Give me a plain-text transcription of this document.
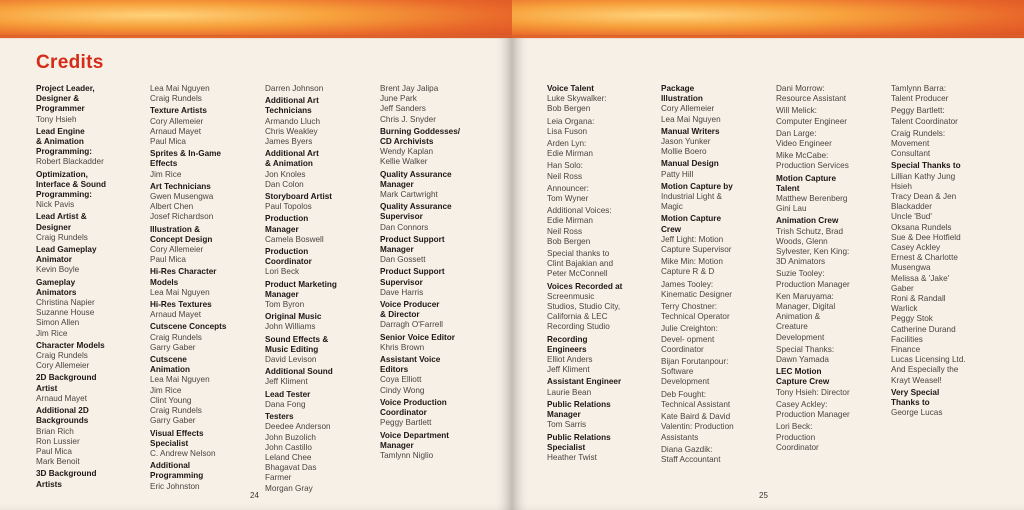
Credits
Project Leader,
Designer &
Programmer
Tony Hsieh
Lead Engine
& Animation
Programming:
Robert Blackadder
Optimization,
Interface & Sound
Programming:
Nick Pavis
Lead Artist &
Designer
Craig Rundels
Lead Gameplay
Animator
Kevin Boyle
Gameplay
Animators
Christina Napier
Suzanne House
Simon Allen
Jim Rice
Character Models
Craig Rundels
Cory Allemeier
2D Background
Artist
Arnaud Mayet
Additional 2D
Backgrounds
Brian Rich
Ron Lussier
Paul Mica
Mark Benoit
3D Background
Artists
Lea Mai Nguyen
Craig Rundels
Texture Artists
Cory Allemeier
Arnaud Mayet
Paul Mica
Sprites & In-Game
Effects
Jim Rice
Art Technicians
Gwen Musengwa
Albert Chen
Josef Richardson
Illustration &
Concept Design
Cory Allemeier
Paul Mica
Hi-Res Character
Models
Lea Mai Nguyen
Hi-Res Textures
Arnaud Mayet
Cutscene Concepts
Craig Rundels
Garry Gaber
Cutscene
Animation
Lea Mai Nguyen
Jim Rice
Clint Young
Craig Rundels
Garry Gaber
Visual Effects
Specialist
C. Andrew Nelson
Additional
Programming
Eric Johnston
Darren Johnson
Additional Art
Technicians
Armando Lluch
Chris Weakley
James Byers
Additional Art
& Animation
Jon Knoles
Dan Colon
Storyboard Artist
Paul Topolos
Production
Manager
Camela Boswell
Production
Coordinator
Lori Beck
Product Marketing
Manager
Tom Byron
Original Music
John Williams
Sound Effects &
Music Editing
David Levison
Additional Sound
Jeff Kliment
Lead Tester
Dana Fong
Testers
Deedee Anderson
John Buzolich
John Castillo
Leland Chee
Bhagavat Das
Farmer
Morgan Gray
Brent Jay Jalipa
June Park
Jeff Sanders
Chris J. Snyder
Burning Goddesses/
CD Archivists
Wendy Kaplan
Kellie Walker
Quality Assurance
Manager
Mark Cartwright
Quality Assurance
Supervisor
Dan Connors
Product Support
Manager
Dan Gossett
Product Support
Supervisor
Dave Harris
Voice Producer
& Director
Darragh O'Farrell
Senior Voice Editor
Khris Brown
Assistant Voice
Editors
Coya Elliott
Cindy Wong
Voice Production
Coordinator
Peggy Bartlett
Voice Department
Manager
Tamlynn Niglio
24
Voice Talent
Luke Skywalker:
Bob Bergen
Leia Organa:
Lisa Fuson
Arden Lyn:
Edie Mirman
Han Solo:
Neil Ross
Announcer:
Tom Wyner
Additional Voices:
Edie Mirman
Neil Ross
Bob Bergen
Special thanks to
Clint Bajakian and
Peter McConnell
Voices Recorded at
Screenmusic
Studios, Studio City,
California & LEC
Recording Studio
Recording
Engineers
Elliot Anders
Jeff Kliment
Assistant Engineer
Laurie Bean
Public Relations
Manager
Tom Sarris
Public Relations
Specialist
Heather Twist
Package
Illustration
Cory Allemeier
Lea Mai Nguyen
Manual Writers
Jason Yunker
Mollie Boero
Manual Design
Patty Hill
Motion Capture by
Industrial Light &
Magic
Motion Capture
Crew
Jeff Light: Motion
Capture Supervisor
Mike Min: Motion
Capture R & D
James Tooley:
Kinematic Designer
Terry Chostner:
Technical Operator
Julie Creighton:
Devel- opment
Coordinator
Bijan Forutanpour:
Software
Development
Deb Fought:
Technical Assistant
Kate Baird & David
Valentin: Production
Assistants
Diana Gazdik:
Staff Accountant
Dani Morrow:
Resource Assistant
Will Melick:
Computer Engineer
Dan Large:
Video Engineer
Mike McCabe:
Production Services
Motion Capture
Talent
Matthew Berenberg
Gini Lau
Animation Crew
Trish Schutz, Brad
Woods, Glenn
Sylvester, Ken King:
3D Animators
Suzie Tooley:
Production Manager
Ken Maruyama:
Manager, Digital
Animation &
Creature
Development
Special Thanks:
Dawn Yamada
LEC Motion
Capture Crew
Tony Hsieh: Director
Casey Ackley:
Production Manager
Lori Beck:
Production
Coordinator
Tamlynn Barra:
Talent Producer
Peggy Bartlett:
Talent Coordinator
Craig Rundels:
Movement
Consultant
Special Thanks to
Lillian Kathy Jung
Hsieh
Tracy Dean & Jen
Blackadder
Uncle 'Bud'
Oksana Rundels
Sue & Dee Hotfield
Casey Ackley
Ernest & Charlotte
Musengwa
Melissa & 'Jake'
Gaber
Roni & Randall
Warlick
Peggy Stok
Catherine Durand
Facilities
Finance
Lucas Licensing Ltd.
And Especially the
Krayt Weasel!
Very Special
Thanks to
George Lucas
25
